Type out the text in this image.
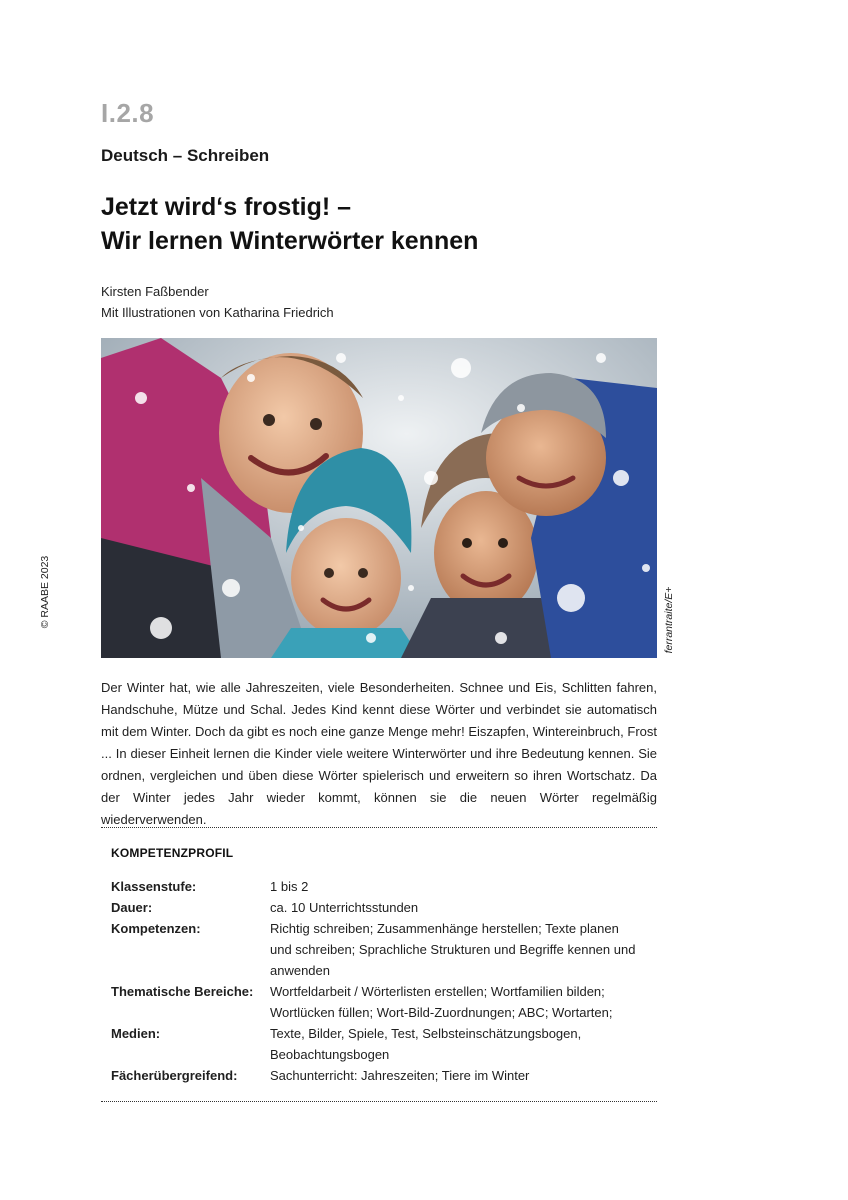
I.2.8
Deutsch – Schreiben
Jetzt wird‘s frostig! –
Wir lernen Winterwörter kennen
Kirsten Faßbender
Mit Illustrationen von Katharina Friedrich
© RAABE 2023	ferrantraite/E+

Der Winter hat, wie alle Jahreszeiten, viele Besonderheiten. Schnee und Eis, Schlitten fahren, Handschuhe, Mütze und Schal. Jedes Kind kennt diese Wörter und verbindet sie automatisch mit dem Winter. Doch da gibt es noch eine ganze Menge mehr! Eiszapfen, Wintereinbruch, Frost ... In dieser Einheit lernen die Kinder viele weitere Winterwörter und ihre Bedeutung kennen. Sie ordnen, vergleichen und üben diese Wörter spielerisch und erweitern so ihren Wortschatz. Da der Winter jedes Jahr wieder kommt, können sie die neuen Wörter regelmäßig wiederverwenden.

KOMPETENZPROFIL
Klassenstufe:	1 bis 2
Dauer:	ca. 10 Unterrichtsstunden
Kompetenzen:	Richtig schreiben; Zusammenhänge herstellen; Texte planen und schreiben; Sprachliche Strukturen und Begriffe kennen und anwenden
Thematische Bereiche:	Wortfeldarbeit / Wörterlisten erstellen; Wortfamilien bilden; Wortlücken füllen; Wort-Bild-Zuordnungen; ABC; Wortarten;
Medien:	Texte, Bilder, Spiele, Test, Selbsteinschätzungsbogen, Beobachtungsbogen
Fächerübergreifend:	Sachunterricht: Jahreszeiten; Tiere im Winter
